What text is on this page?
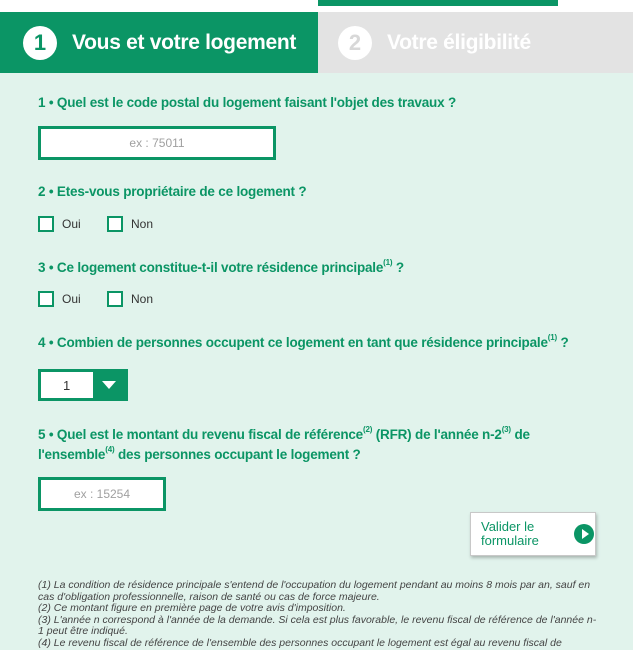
1	Vous et votre logement	2	Votre éligibilité
1 • Quel est le code postal du logement faisant l'objet des travaux ?
ex : 75011
2 • Etes-vous propriétaire de ce logement ?
Oui	Non
3 • Ce logement constitue-t-il votre résidence principale$^{(1)}$ ?
Oui	Non
4 • Combien de personnes occupent ce logement en tant que résidence principale$^{(1)}$ ?
1
5 • Quel est le montant du revenu fiscal de référence$^{(2)}$ (RFR) de l'année n-2$^{(3)}$ de
l'ensemble$^{(4)}$ des personnes occupant le logement ?
ex : 15254
Valider le
formulaire

(1) La condition de résidence principale s'entend de l'occupation du logement pendant au moins 8 mois par an, sauf en cas d'obligation professionnelle, raison de santé ou cas de force majeure.

(2) Ce montant figure en première page de votre avis d'imposition.

(3) L'année n correspond à l'année de la demande. Si cela est plus favorable, le revenu fiscal de référence de l'année n-1 peut être indiqué.

(4) Le revenu fiscal de référence de l'ensemble des personnes occupant le logement est égal au revenu fiscal de
